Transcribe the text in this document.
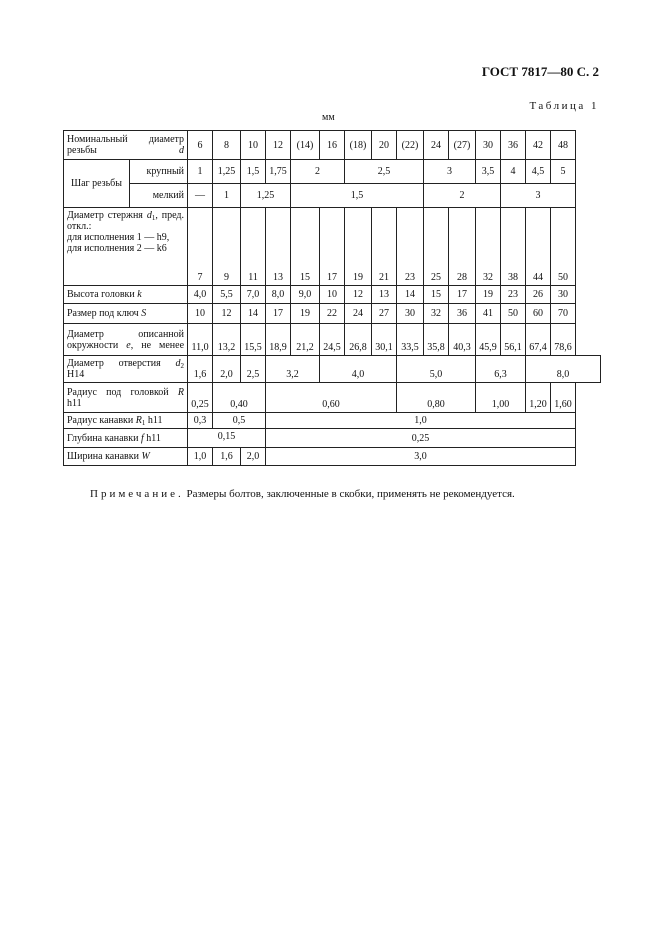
ГОСТ 7817—80 С. 2
Таблица 1
мм
Номинальный диаметр резьбы d		6	8	10	12	(14)	16	(18)	20	(22)	24	(27)	30	36	42	48
Шаг резьбы	крупный	1	1,25	1,5	1,75	2		2,5			3		3,5	4	4,5	5
	мелкий	—	1	1,25		1,5					2			3		

Диаметр стержня $d_1$, пред. откл.:
для исполнения 1 — h9,
для исполнения 2 — k6		7	9	11	13	15	17	19	21	23	25	28	32	38	44	50
Высота головки k		4,0	5,5	7,0	8,0	9,0	10	12	13	14	15	17	19	23	26	30
Размер под ключ S		10	12	14	17	19	22	24	27	30	32	36	41	50	60	70
Диаметр описанной окружности e, не менее		11,0	13,2	15,5	18,9	21,2	24,5	26,8	30,1	33,5	35,8	40,3	45,9	56,1	67,4	78,6
Диаметр отверстия $d_2$
Н14		1,6	2,0	2,5	3,2		4,0			5,0			6,3		8,0	
Радиус под головкой R
h11		0,25	0,40		0,60					0,80			1,00		1,20	1,60
Радиус канавки $R_1$ h11		0,3	0,5		1,0											
Глубина канавки f h11		0,15			0,25											
Ширина канавки W		1,0	1,6	2,0	3,0											
Примечание. Размеры болтов, заключенные в скобки, применять не рекомендуется.
